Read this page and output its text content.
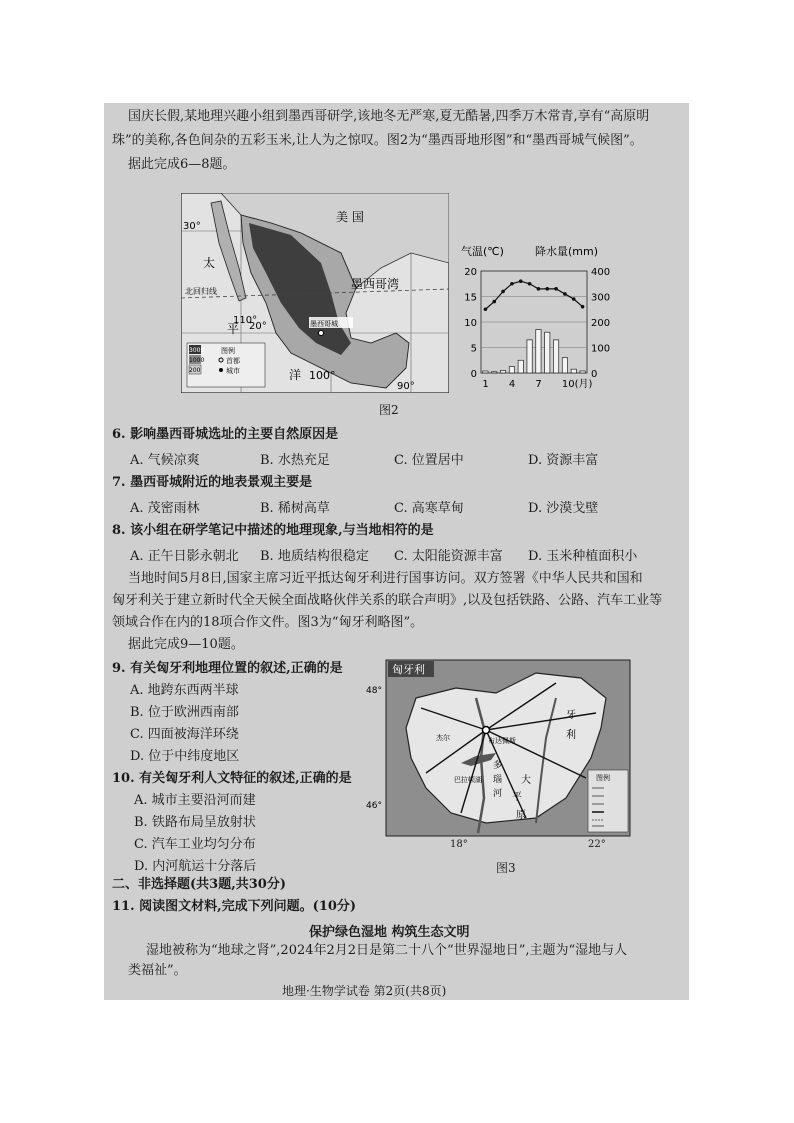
国庆长假,某地理兴趣小组到墨西哥研学,该地冬无严寒,夏无酷暑,四季万木常青,享有“高原明
珠”的美称,各色间杂的五彩玉米,让人为之惊叹。图2为“墨西哥地形图”和“墨西哥城气候图”。
据此完成6—8题。
北回归线
30°
110°
20°
100°
90°
美 国
墨西哥湾
太
平
洋
墨西哥城
3000
1000
200
图例
首都
城市
气温(℃)	降水量(mm)
20
15
10
5
0
400
300
200
100
0
1 4 7 10(月)
图2
6. 影响墨西哥城选址的主要自然原因是
A. 气候凉爽	B. 水热充足	C. 位置居中	D. 资源丰富
7. 墨西哥城附近的地表景观主要是
A. 茂密雨林	B. 稀树高草	C. 高寒草甸	D. 沙漠戈壁
8. 该小组在研学笔记中描述的地理现象,与当地相符的是
A. 正午日影永朝北 B. 地质结构很稳定 C. 太阳能资源丰富 D. 玉米种植面积小
当地时间5月8日,国家主席习近平抵达匈牙利进行国事访问。双方签署《中华人民共和国和
匈牙利关于建立新时代全天候全面战略伙伴关系的联合声明》,以及包括铁路、公路、汽车工业等
领域合作在内的18项合作文件。图3为“匈牙利略图”。
据此完成9—10题。
9. 有关匈牙利地理位置的叙述,正确的是
A. 地跨东西两半球
B. 位于欧洲西南部
C. 四面被海洋环绕
D. 位于中纬度地区
10. 有关匈牙利人文特征的叙述,正确的是
A. 城市主要沿河而建
B. 铁路布局呈放射状
C. 汽车工业均匀分布
D. 内河航运十分落后
匈牙利
布达佩斯
杰尔
巴拉顿湖
多
瑙
河
牙
利
大
平
原
图例
48°
46°
18°	22°
图3
二、非选择题(共3题,共30分)
11. 阅读图文材料,完成下列问题。(10分)
保护绿色湿地 构筑生态文明
湿地被称为“地球之肾”,2024年2月2日是第二十八个“世界湿地日”,主题为“湿地与人
类福祉”。
地理·生物学试卷 第2页(共8页)
